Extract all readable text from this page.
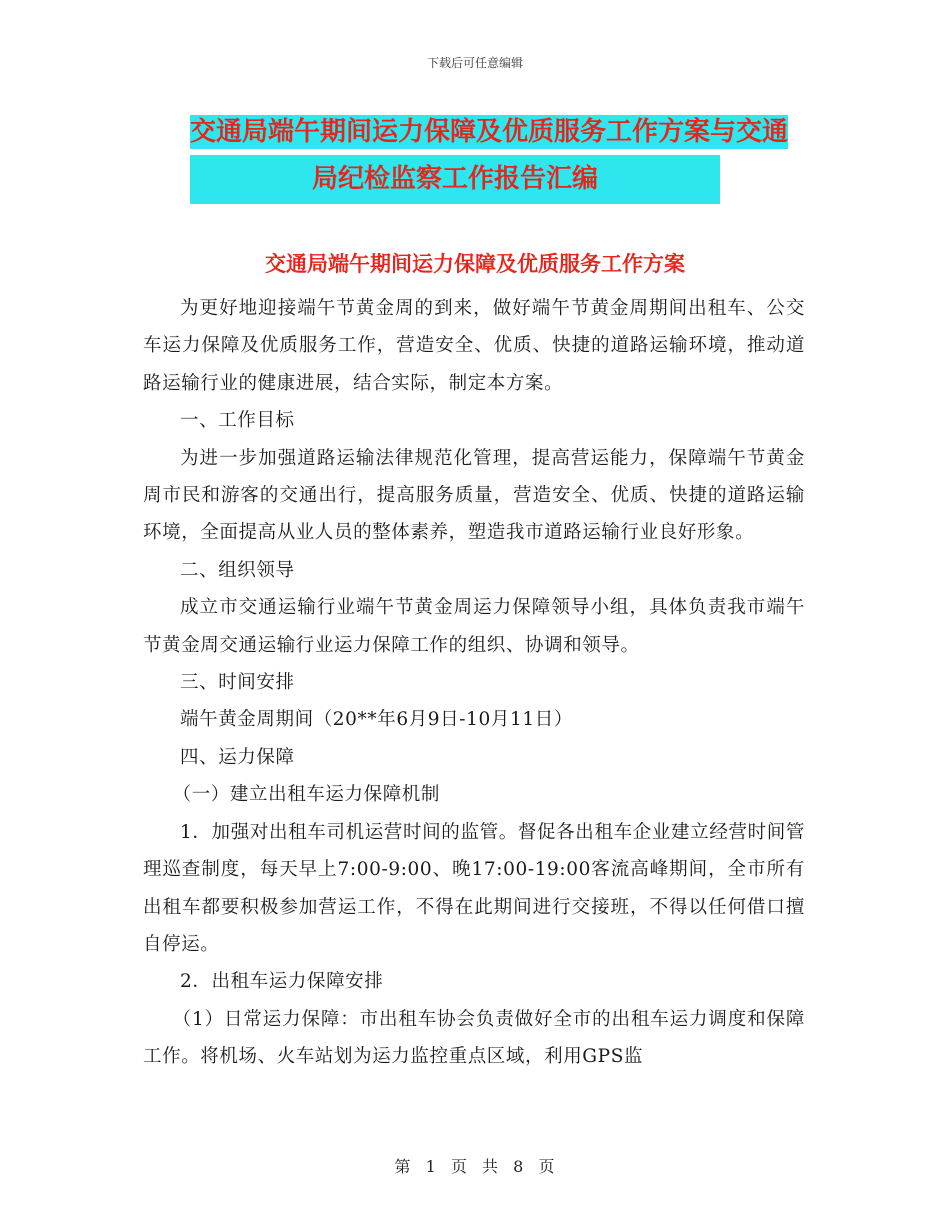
下载后可任意编辑
交通局端午期间运力保障及优质服务工作方案与交通

局纪检监察工作报告汇编
交通局端午期间运力保障及优质服务工作方案

为更好地迎接端午节黄金周的到来，做好端午节黄金周期间出租车、公交车运力保障及优质服务工作，营造安全、优质、快捷的道路运输环境，推动道路运输行业的健康进展，结合实际，制定本方案。

一、工作目标

为进一步加强道路运输法律规范化管理，提高营运能力，保障端午节黄金周市民和游客的交通出行，提高服务质量，营造安全、优质、快捷的道路运输环境，全面提高从业人员的整体素养，塑造我市道路运输行业良好形象。

二、组织领导

成立市交通运输行业端午节黄金周运力保障领导小组，具体负责我市端午节黄金周交通运输行业运力保障工作的组织、协调和领导。

三、时间安排

端午黄金周期间（20**年6月9日-10月11日）

四、运力保障

（一）建立出租车运力保障机制

1．加强对出租车司机运营时间的监管。督促各出租车企业建立经营时间管理巡查制度，每天早上7:00-9:00、晚17:00-19:00客流高峰期间，全市所有出租车都要积极参加营运工作，不得在此期间进行交接班，不得以任何借口擅自停运。

2．出租车运力保障安排

（1）日常运力保障：市出租车协会负责做好全市的出租车运力调度和保障工作。将机场、火车站划为运力监控重点区域，利用GPS监

第 1 页 共 8 页
